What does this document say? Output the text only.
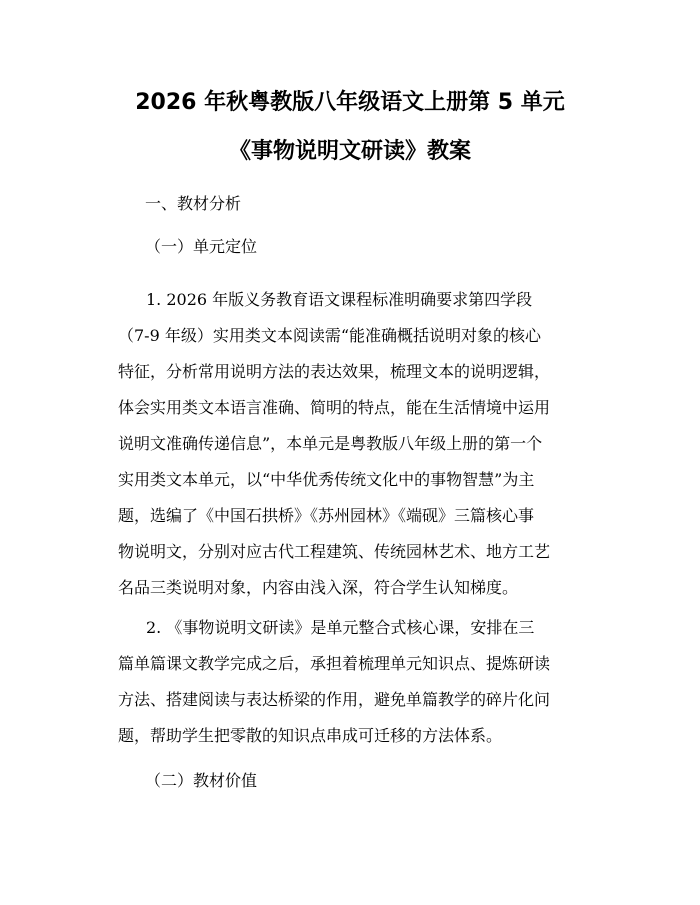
2026 年秋粤教版八年级语文上册第 5 单元
《事物说明文研读》教案
一、教材分析
（一）单元定位
1. 2026 年版义务教育语文课程标准明确要求第四学段
（7-9 年级）实用类文本阅读需“能准确概括说明对象的核心
特征，分析常用说明方法的表达效果，梳理文本的说明逻辑，
体会实用类文本语言准确、简明的特点，能在生活情境中运用
说明文准确传递信息”，本单元是粤教版八年级上册的第一个
实用类文本单元，以“中华优秀传统文化中的事物智慧”为主
题，选编了《中国石拱桥》《苏州园林》《端砚》三篇核心事
物说明文，分别对应古代工程建筑、传统园林艺术、地方工艺
名品三类说明对象，内容由浅入深，符合学生认知梯度。
2. 《事物说明文研读》是单元整合式核心课，安排在三
篇单篇课文教学完成之后，承担着梳理单元知识点、提炼研读
方法、搭建阅读与表达桥梁的作用，避免单篇教学的碎片化问
题，帮助学生把零散的知识点串成可迁移的方法体系。
（二）教材价值
